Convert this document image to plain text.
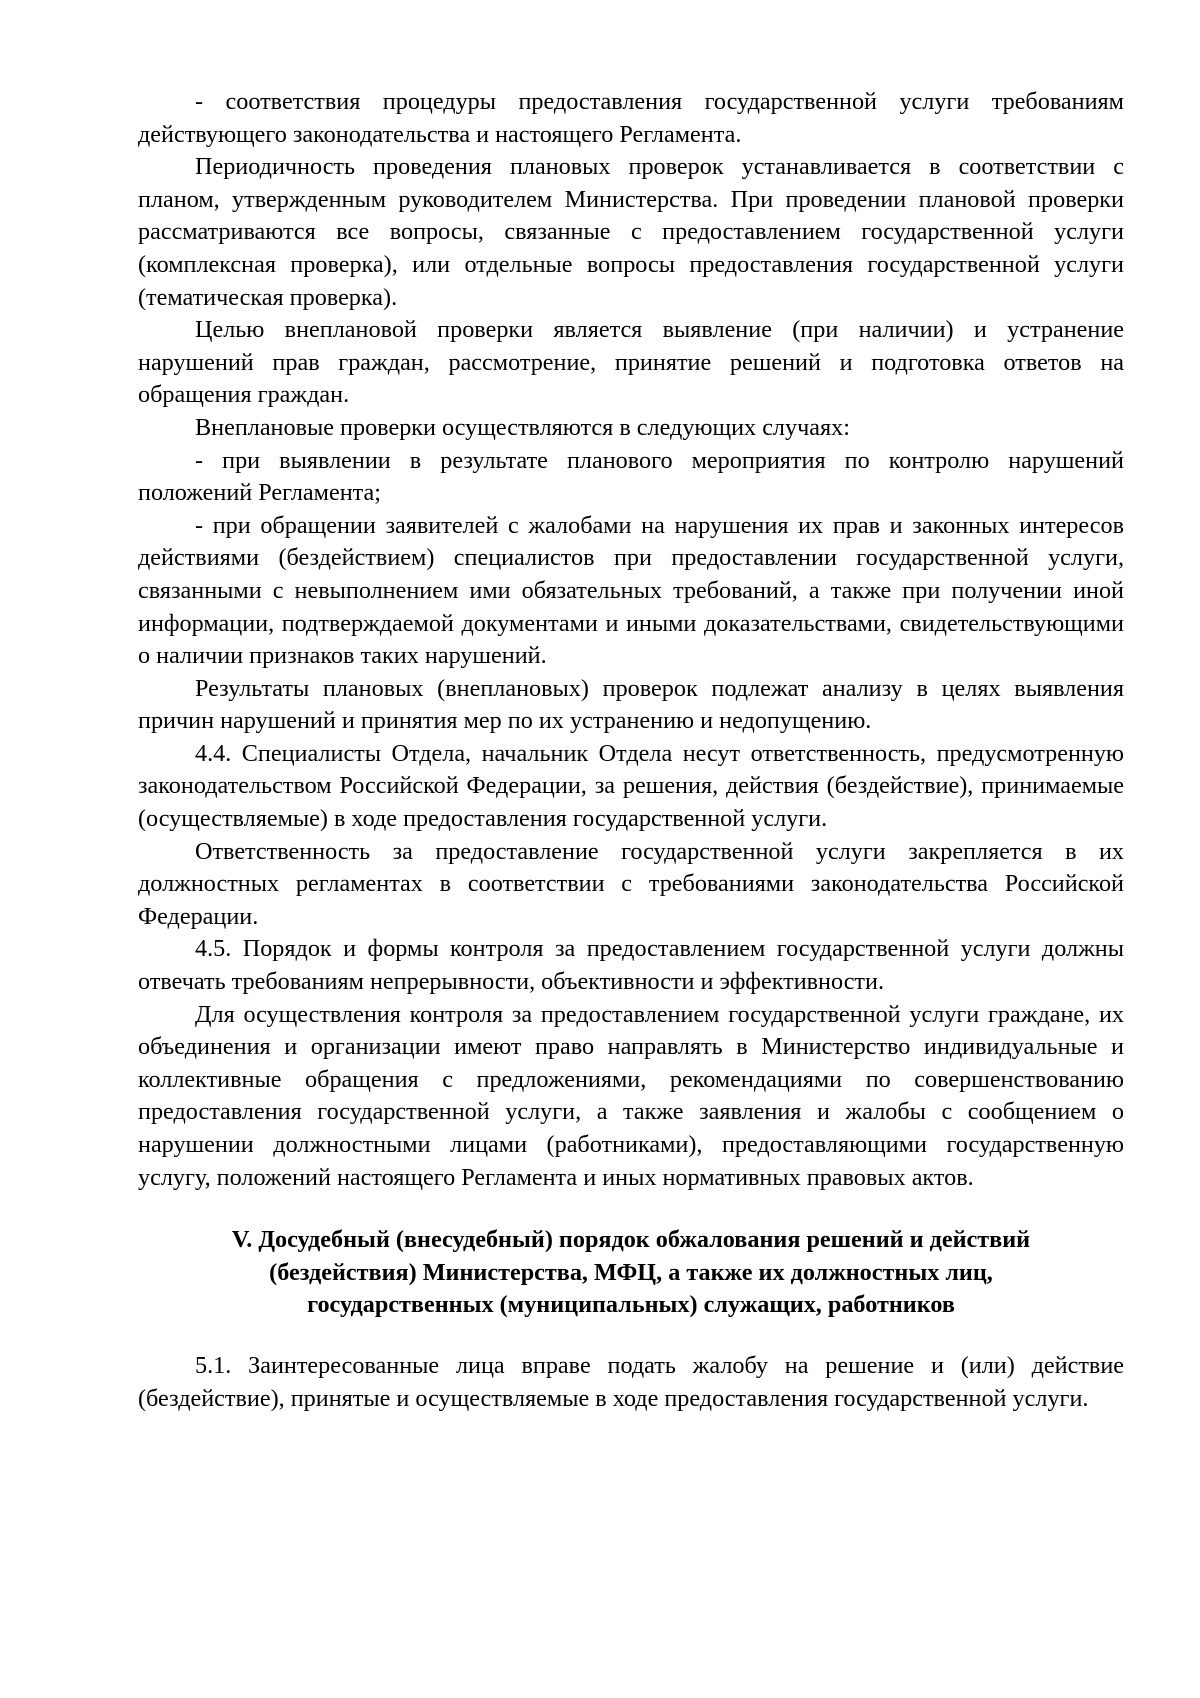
- соответствия процедуры предоставления государственной услуги требованиям действующего законодательства и настоящего Регламента.

Периодичность проведения плановых проверок устанавливается в соответствии с планом, утвержденным руководителем Министерства. При проведении плановой проверки рассматриваются все вопросы, связанные с предоставлением государственной услуги (комплексная проверка), или отдельные вопросы предоставления государственной услуги (тематическая проверка).

Целью внеплановой проверки является выявление (при наличии) и устранение нарушений прав граждан, рассмотрение, принятие решений и подготовка ответов на обращения граждан.

Внеплановые проверки осуществляются в следующих случаях:

- при выявлении в результате планового мероприятия по контролю нарушений положений Регламента;

- при обращении заявителей с жалобами на нарушения их прав и законных интересов действиями (бездействием) специалистов при предоставлении государственной услуги, связанными с невыполнением ими обязательных требований, а также при получении иной информации, подтверждаемой документами и иными доказательствами, свидетельствующими о наличии признаков таких нарушений.

Результаты плановых (внеплановых) проверок подлежат анализу в целях выявления причин нарушений и принятия мер по их устранению и недопущению.

4.4. Специалисты Отдела, начальник Отдела несут ответственность, предусмотренную законодательством Российской Федерации, за решения, действия (бездействие), принимаемые (осуществляемые) в ходе предоставления государственной услуги.

Ответственность за предоставление государственной услуги закрепляется в их должностных регламентах в соответствии с требованиями законодательства Российской Федерации.

4.5. Порядок и формы контроля за предоставлением государственной услуги должны отвечать требованиям непрерывности, объективности и эффективности.

Для осуществления контроля за предоставлением государственной услуги граждане, их объединения и организации имеют право направлять в Министерство индивидуальные и коллективные обращения с предложениями, рекомендациями по совершенствованию предоставления государственной услуги, а также заявления и жалобы с сообщением о нарушении должностными лицами (работниками), предоставляющими государственную услугу, положений настоящего Регламента и иных нормативных правовых актов.

V. Досудебный (внесудебный) порядок обжалования решений и действий
(бездействия) Министерства, МФЦ, а также их должностных лиц,
государственных (муниципальных) служащих, работников

5.1. Заинтересованные лица вправе подать жалобу на решение и (или) действие (бездействие), принятые и осуществляемые в ходе предоставления государственной услуги.
